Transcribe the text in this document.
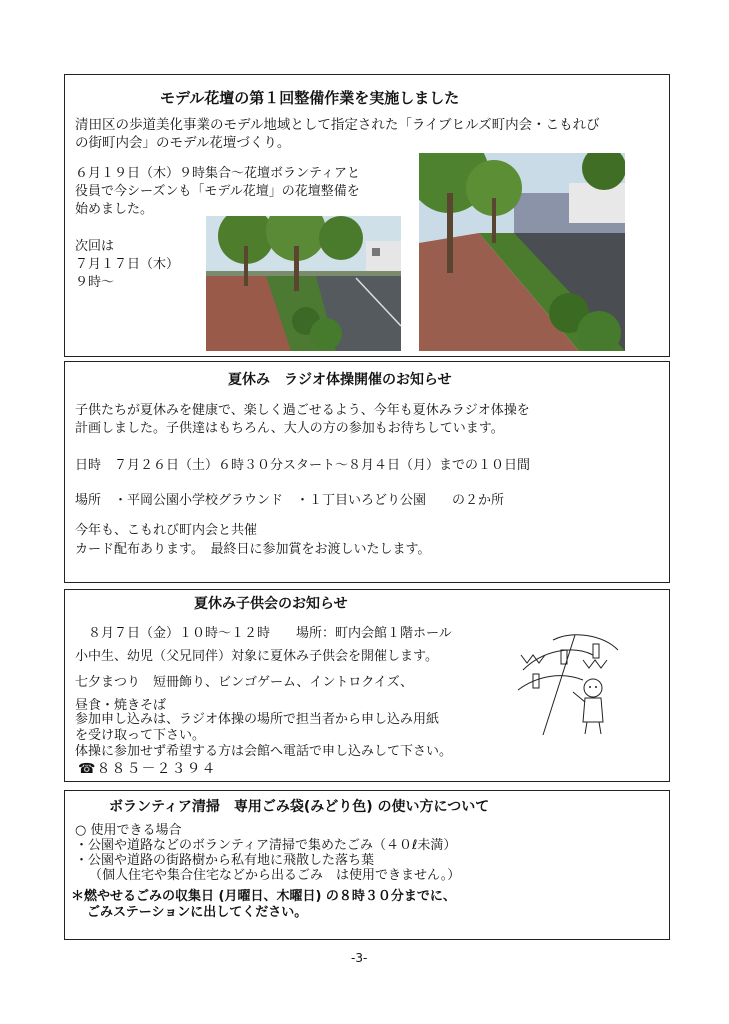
モデル花壇の第１回整備作業を実施しました
清田区の歩道美化事業のモデル地域として指定された「ライブヒルズ町内会・こもれび
の街町内会」のモデル花壇づくり。
６月１９日（木）９時集合～花壇ボランティアと
役員で今シーズンも「モデル花壇」の花壇整備を
始めました。
次回は
７月１７日（木）
９時～
夏休み　ラジオ体操開催のお知らせ
子供たちが夏休みを健康で、楽しく過ごせるよう、今年も夏休みラジオ体操を
計画しました。子供達はもちろん、大人の方の参加もお待ちしています。
日時　７月２６日（土）６時３０分スタート～８月４日（月）までの１０日間
場所　・平岡公園小学校グラウンド　・１丁目いろどり公園　　の２か所
今年も、こもれび町内会と共催
カード配布あります。　最終日に参加賞をお渡しいたします。
夏休み子供会のお知らせ
８月７日（金）１０時～１２時　　場所：町内会館１階ホール
小中生、幼児（父兄同伴）対象に夏休み子供会を開催します。
七夕まつり　短冊飾り、ビンゴゲーム、イントロクイズ、
昼食・焼きそば
参加申し込みは、ラジオ体操の場所で担当者から申し込み用紙
を受け取って下さい。
体操に参加せず希望する方は会館へ電話で申し込みして下さい。
☎８８５－２３９４
ボランティア清掃　専用ごみ袋(みどり色) の使い方について
○ 使用できる場合
・公園や道路などのボランティア清掃で集めたごみ（４０ℓ未満）
・公園や道路の街路樹から私有地に飛散した落ち葉
（個人住宅や集合住宅などから出るごみ　は使用できません。）
＊燃やせるごみの収集日 (月曜日、木曜日) の８時３０分までに、
ごみステーションに出してください。
-3-
